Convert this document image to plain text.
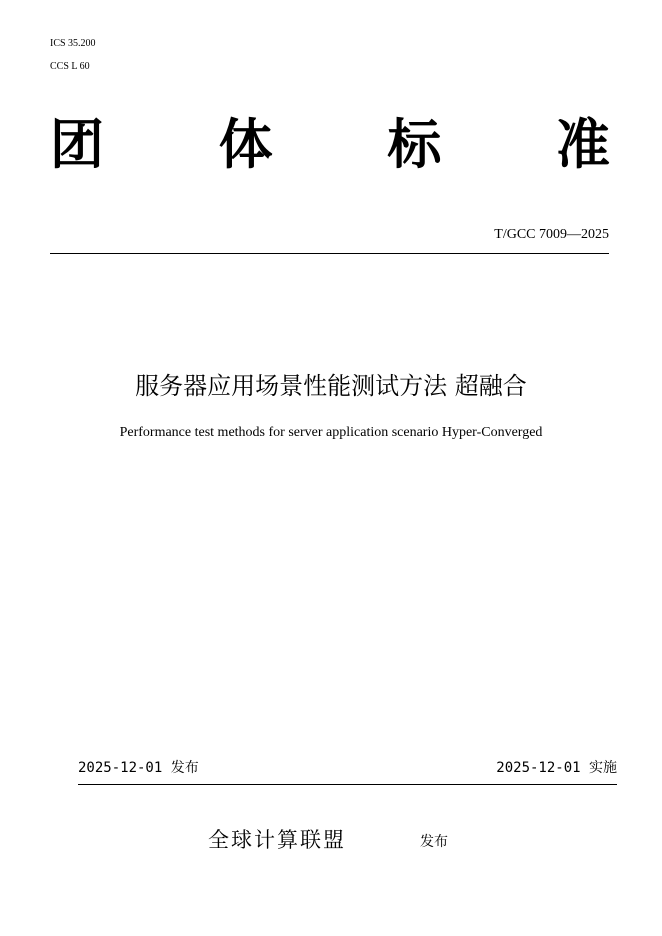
ICS 35.200
CCS L 60
团 体 标 准
T/GCC 7009—2025
服务器应用场景性能测试方法 超融合
Performance test methods for server application scenario Hyper-Converged
2025-12-01 发布	2025-12-01 实施
全球计算联盟	发布
